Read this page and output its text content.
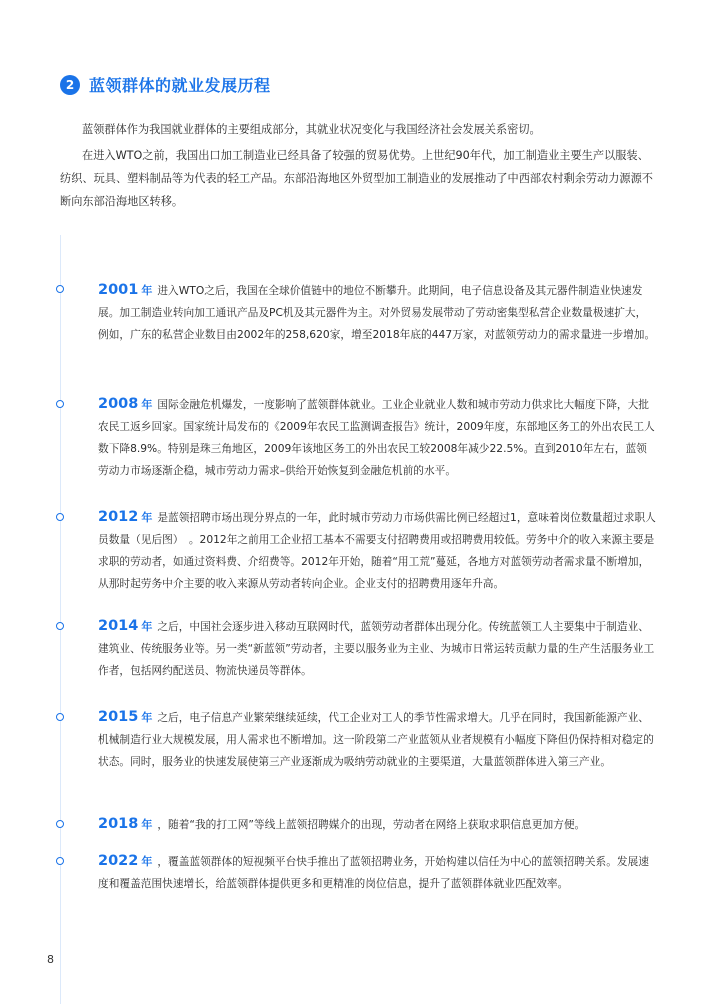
2 蓝领群体的就业发展历程

蓝领群体作为我国就业群体的主要组成部分，其就业状况变化与我国经济社会发展关系密切。

在进入WTO之前，我国出口加工制造业已经具备了较强的贸易优势。上世纪90年代，加工制造业主要生产以服装、纺织、玩具、塑料制品等为代表的轻工产品。东部沿海地区外贸型加工制造业的发展推动了中西部农村剩余劳动力源源不断向东部沿海地区转移。

2001 年 进入WTO之后，我国在全球价值链中的地位不断攀升。此期间，电子信息设备及其元器件制造业快速发展。加工制造业转向加工通讯产品及PC机及其元器件为主。对外贸易发展带动了劳动密集型私营企业数量极速扩大，例如，广东的私营企业数目由2002年的258,620家，增至2018年底的447万家，对蓝领劳动力的需求量进一步增加。
2008 年 国际金融危机爆发，一度影响了蓝领群体就业。工业企业就业人数和城市劳动力供求比大幅度下降，大批农民工返乡回家。国家统计局发布的《2009年农民工监测调查报告》统计，2009年度，东部地区务工的外出农民工人数下降8.9%。特别是珠三角地区，2009年该地区务工的外出农民工较2008年减少22.5%。直到2010年左右，蓝领劳动力市场逐渐企稳，城市劳动力需求–供给开始恢复到金融危机前的水平。
2012 年 是蓝领招聘市场出现分界点的一年，此时城市劳动力市场供需比例已经超过1，意味着岗位数量超过求职人员数量（见后图）　。2012年之前用工企业招工基本不需要支付招聘费用或招聘费用较低。劳务中介的收入来源主要是求职的劳动者，如通过资料费、介绍费等。2012年开始，随着“用工荒”蔓延，各地方对蓝领劳动者需求量不断增加，从那时起劳务中介主要的收入来源从劳动者转向企业。企业支付的招聘费用逐年升高。
2014 年 之后，中国社会逐步进入移动互联网时代，蓝领劳动者群体出现分化。传统蓝领工人主要集中于制造业、建筑业、传统服务业等。另一类“新蓝领”劳动者，主要以服务业为主业、为城市日常运转贡献力量的生产生活服务业工作者，包括网约配送员、物流快递员等群体。
2015 年 之后，电子信息产业繁荣继续延续，代工企业对工人的季节性需求增大。几乎在同时，我国新能源产业、机械制造行业大规模发展，用人需求也不断增加。这一阶段第二产业蓝领从业者规模有小幅度下降但仍保持相对稳定的状态。同时，服务业的快速发展使第三产业逐渐成为吸纳劳动就业的主要渠道，大量蓝领群体进入第三产业。
2018 年 ，随着“我的打工网”等线上蓝领招聘媒介的出现，劳动者在网络上获取求职信息更加方便。
2022 年 ，覆盖蓝领群体的短视频平台快手推出了蓝领招聘业务，开始构建以信任为中心的蓝领招聘关系。发展速度和覆盖范围快速增长，给蓝领群体提供更多和更精准的岗位信息，提升了蓝领群体就业匹配效率。
8
